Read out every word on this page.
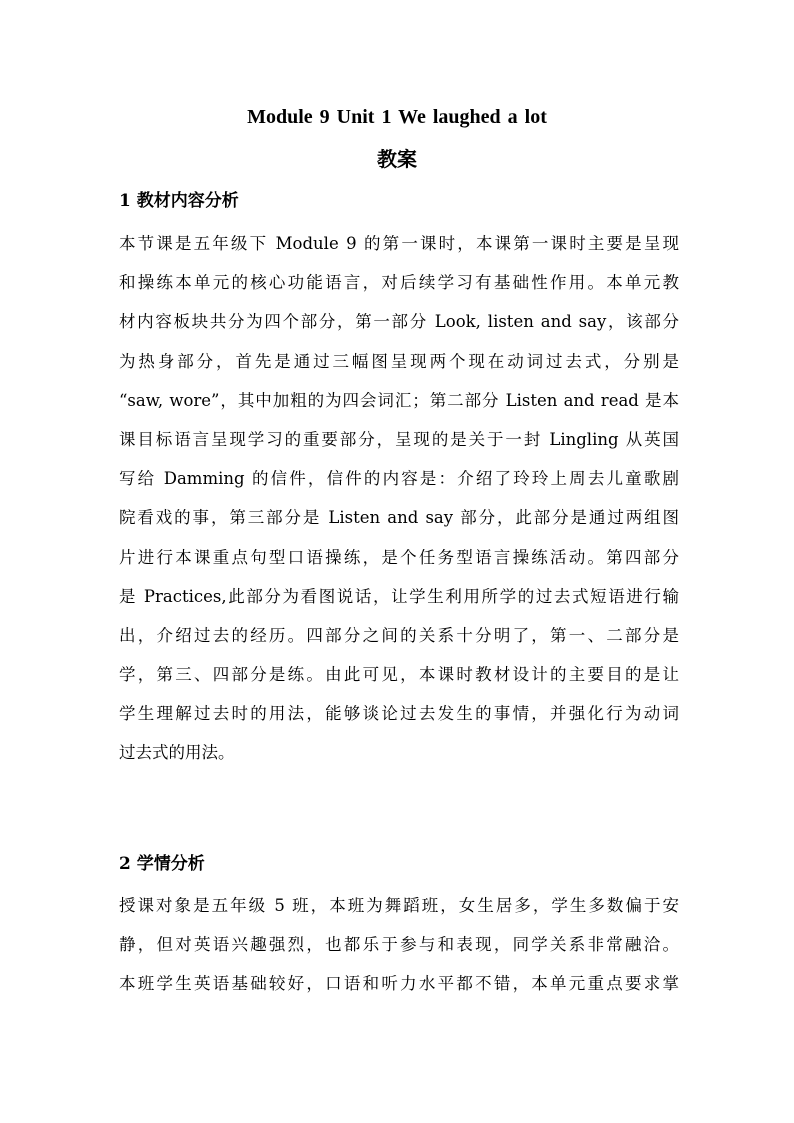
Module 9 Unit 1 We laughed a lot
教案
1 教材内容分析
本节课是五年级下 Module 9 的第一课时，本课第一课时主要是呈现
和操练本单元的核心功能语言，对后续学习有基础性作用。本单元教
材内容板块共分为四个部分，第一部分 Look, listen and say，该部分
为热身部分，首先是通过三幅图呈现两个现在动词过去式，分别是
“saw, wore”，其中加粗的为四会词汇；第二部分 Listen and read 是本
课目标语言呈现学习的重要部分，呈现的是关于一封 Lingling 从英国
写给 Damming 的信件，信件的内容是：介绍了玲玲上周去儿童歌剧
院看戏的事，第三部分是 Listen and say 部分，此部分是通过两组图
片进行本课重点句型口语操练，是个任务型语言操练活动。第四部分
是 Practices,此部分为看图说话，让学生利用所学的过去式短语进行输
出，介绍过去的经历。四部分之间的关系十分明了，第一、二部分是
学，第三、四部分是练。由此可见，本课时教材设计的主要目的是让
学生理解过去时的用法，能够谈论过去发生的事情，并强化行为动词
过去式的用法。
2 学情分析
授课对象是五年级 5 班，本班为舞蹈班，女生居多，学生多数偏于安
静，但对英语兴趣强烈，也都乐于参与和表现，同学关系非常融洽。
本班学生英语基础较好，口语和听力水平都不错，本单元重点要求掌
